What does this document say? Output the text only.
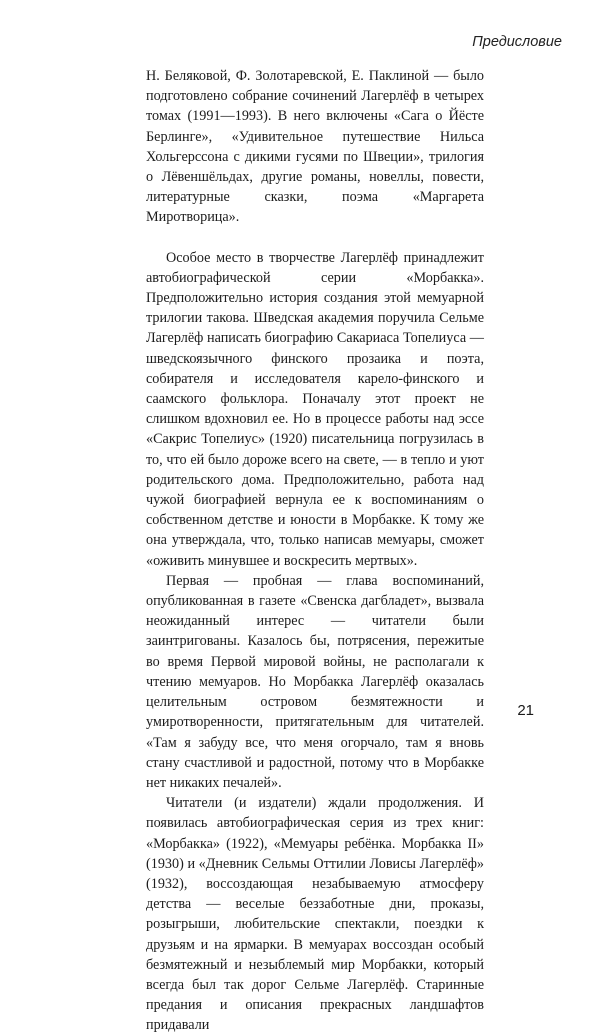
Предисловие

Н. Беляковой, Ф. Золотаревской, Е. Паклиной — было подготовлено собрание сочинений Лагерлёф в четырех томах (1991—1993). В него включены «Сага о Йёсте Берлинге», «Удивительное путешествие Нильса Хольгерссона с дикими гусями по Швеции», трилогия о Лёвеншёльдах, другие романы, новеллы, повести, литературные сказки, поэма «Маргарета Миротворица».

Особое место в творчестве Лагерлёф принадлежит автобиографической серии «Морбакка». Предположительно история создания этой мемуарной трилогии такова. Шведская академия поручила Сельме Лагерлёф написать биографию Сакариаса Топелиуса — шведскоязычного финского прозаика и поэта, собирателя и исследователя карело-финского и саамского фольклора. Поначалу этот проект не слишком вдохновил ее. Но в процессе работы над эссе «Сакрис Топелиус» (1920) писательница погрузилась в то, что ей было дороже всего на свете, — в тепло и уют родительского дома. Предположительно, работа над чужой биографией вернула ее к воспоминаниям о собственном детстве и юности в Морбакке. К тому же она утверждала, что, только написав мемуары, сможет «оживить минувшее и воскресить мертвых».

Первая — пробная — глава воспоминаний, опубликованная в газете «Свенска дагбладет», вызвала неожиданный интерес — читатели были заинтригованы. Казалось бы, потрясения, пережитые во время Первой мировой войны, не располагали к чтению мемуаров. Но Морбакка Лагерлёф оказалась целительным островом безмятежности и умиротворенности, притягательным для читателей. «Там я забуду все, что меня огорчало, там я вновь стану счастливой и радостной, потому что в Морбакке нет никаких печалей».

Читатели (и издатели) ждали продолжения. И появилась автобиографическая серия из трех книг: «Морбакка» (1922), «Мемуары ребёнка. Морбакка II» (1930) и «Дневник Сельмы Оттилии Ловисы Лагерлёф» (1932), воссоздающая незабываемую атмосферу детства — веселые беззаботные дни, проказы, розыгрыши, любительские спектакли, поездки к друзьям и на ярмарки. В мемуарах воссоздан особый безмятежный и незыблемый мир Морбакки, который всегда был так дорог Сельме Лагерлёф. Старинные предания и описания прекрасных ландшафтов придавали

21
